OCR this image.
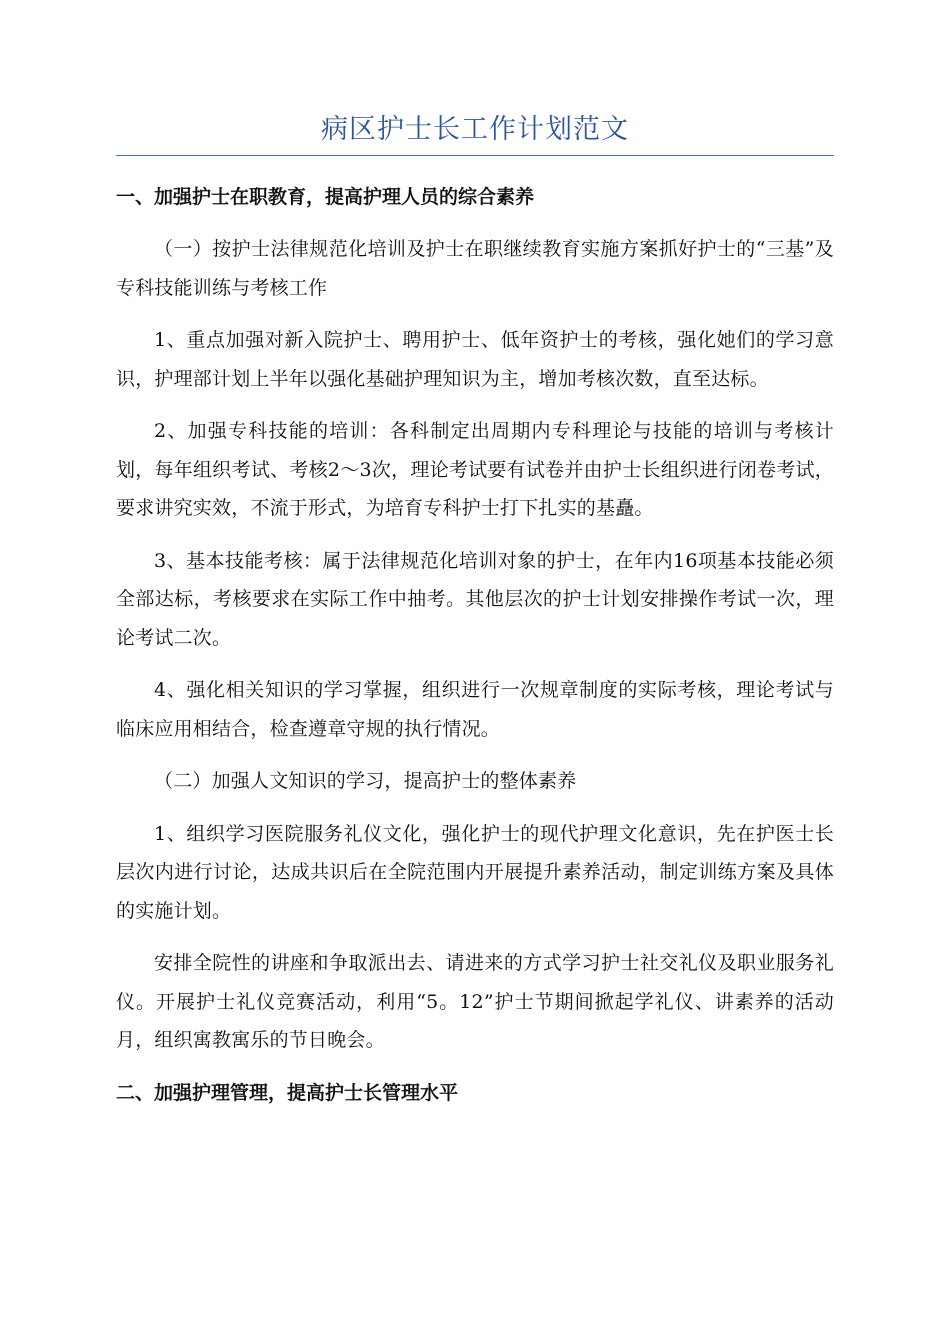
病区护士长工作计划范文
一、加强护士在职教育，提高护理人员的综合素养

（一）按护士法律规范化培训及护士在职继续教育实施方案抓好护士的“三基”及专科技能训练与考核工作

1、重点加强对新入院护士、聘用护士、低年资护士的考核，强化她们的学习意识，护理部计划上半年以强化基础护理知识为主，增加考核次数，直至达标。

2、加强专科技能的培训：各科制定出周期内专科理论与技能的培训与考核计划，每年组织考试、考核2～3次，理论考试要有试卷并由护士长组织进行闭卷考试，要求讲究实效，不流于形式，为培育专科护士打下扎实的基矗。

3、基本技能考核：属于法律规范化培训对象的护士，在年内16项基本技能必须全部达标，考核要求在实际工作中抽考。其他层次的护士计划安排操作考试一次，理论考试二次。

4、强化相关知识的学习掌握，组织进行一次规章制度的实际考核，理论考试与临床应用相结合，检查遵章守规的执行情况。

（二）加强人文知识的学习，提高护士的整体素养

1、组织学习医院服务礼仪文化，强化护士的现代护理文化意识，先在护医士长层次内进行讨论，达成共识后在全院范围内开展提升素养活动，制定训练方案及具体的实施计划。

安排全院性的讲座和争取派出去、请进来的方式学习护士社交礼仪及职业服务礼仪。开展护士礼仪竞赛活动，利用“5。12”护士节期间掀起学礼仪、讲素养的活动月，组织寓教寓乐的节日晚会。

二、加强护理管理，提高护士长管理水平
